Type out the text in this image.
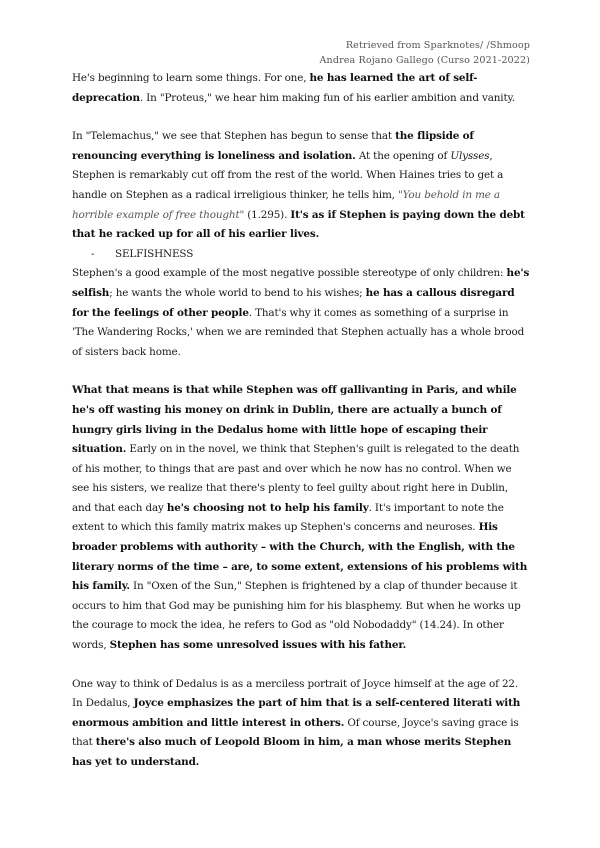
Retrieved from Sparknotes/ /Shmoop
Andrea Rojano Gallego (Curso 2021-2022)

He's beginning to learn some things. For one, he has learned the art of self-deprecation. In "Proteus," we hear him making fun of his earlier ambition and vanity.

In "Telemachus," we see that Stephen has begun to sense that the flipside of renouncing everything is loneliness and isolation. At the opening of Ulysses, Stephen is remarkably cut off from the rest of the world. When Haines tries to get a handle on Stephen as a radical irreligious thinker, he tells him, "You behold in me a horrible example of free thought" (1.295). It's as if Stephen is paying down the debt that he racked up for all of his earlier lives.

-	SELFISHNESS

Stephen's a good example of the most negative possible stereotype of only children: he's selfish; he wants the whole world to bend to his wishes; he has a callous disregard for the feelings of other people. That's why it comes as something of a surprise in 'The Wandering Rocks,' when we are reminded that Stephen actually has a whole brood of sisters back home.

What that means is that while Stephen was off gallivanting in Paris, and while he's off wasting his money on drink in Dublin, there are actually a bunch of hungry girls living in the Dedalus home with little hope of escaping their situation. Early on in the novel, we think that Stephen's guilt is relegated to the death of his mother, to things that are past and over which he now has no control. When we see his sisters, we realize that there's plenty to feel guilty about right here in Dublin, and that each day he's choosing not to help his family. It's important to note the extent to which this family matrix makes up Stephen's concerns and neuroses. His broader problems with authority – with the Church, with the English, with the literary norms of the time – are, to some extent, extensions of his problems with his family. In "Oxen of the Sun," Stephen is frightened by a clap of thunder because it occurs to him that God may be punishing him for his blasphemy. But when he works up the courage to mock the idea, he refers to God as "old Nobodaddy" (14.24). In other words, Stephen has some unresolved issues with his father.

One way to think of Dedalus is as a merciless portrait of Joyce himself at the age of 22. In Dedalus, Joyce emphasizes the part of him that is a self-centered literati with enormous ambition and little interest in others. Of course, Joyce's saving grace is that there's also much of Leopold Bloom in him, a man whose merits Stephen has yet to understand.
